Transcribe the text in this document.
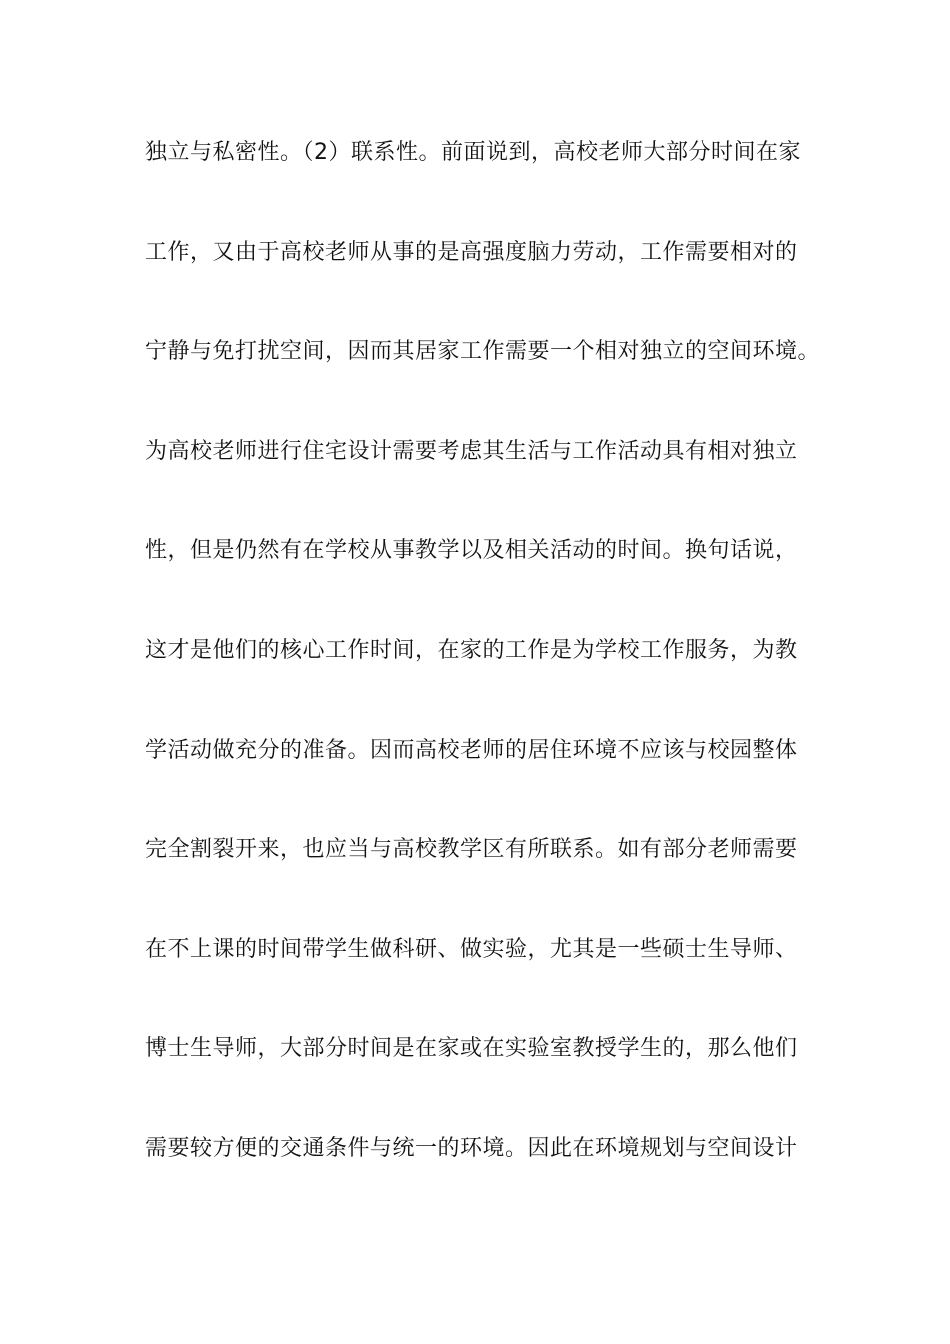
独立与私密性。（2）联系性。前面说到，高校老师大部分时间在家

工作，又由于高校老师从事的是高强度脑力劳动，工作需要相对的

宁静与免打扰空间，因而其居家工作需要一个相对独立的空间环境。

为高校老师进行住宅设计需要考虑其生活与工作活动具有相对独立

性，但是仍然有在学校从事教学以及相关活动的时间。换句话说，

这才是他们的核心工作时间，在家的工作是为学校工作服务，为教

学活动做充分的准备。因而高校老师的居住环境不应该与校园整体

完全割裂开来，也应当与高校教学区有所联系。如有部分老师需要

在不上课的时间带学生做科研、做实验，尤其是一些硕士生导师、

博士生导师，大部分时间是在家或在实验室教授学生的，那么他们

需要较方便的交通条件与统一的环境。因此在环境规划与空间设计
